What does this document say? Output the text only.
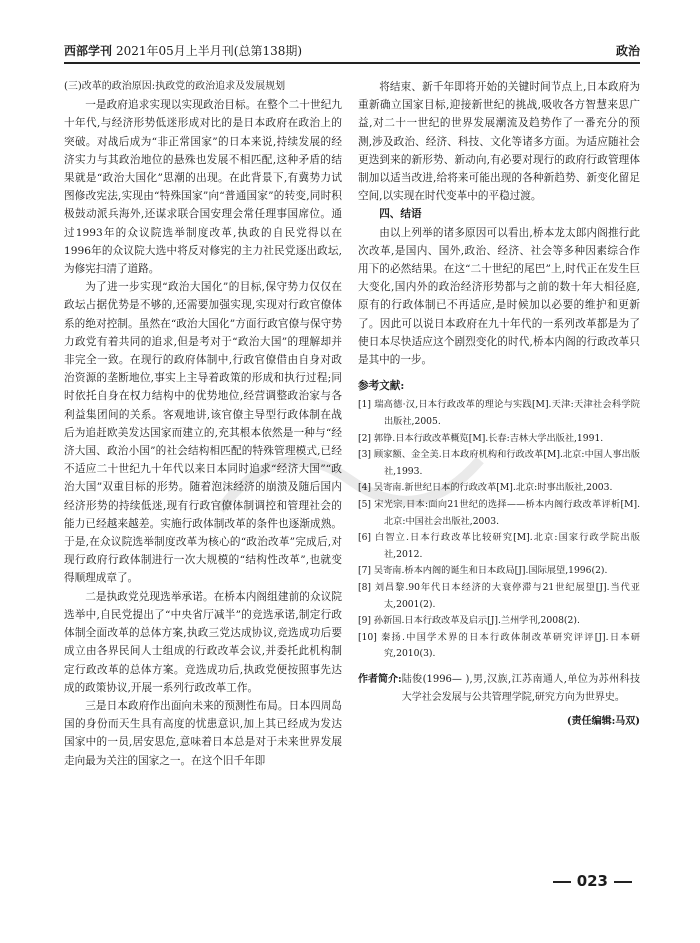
西部学刊 2021年05月上半月刊(总第138期)	政治

(三)改革的政治原因:执政党的政治追求及发展规划

一是政府追求实现以实现政治目标。在整个二十世纪九十年代,与经济形势低迷形成对比的是日本政府在政治上的突破。对战后成为“非正常国家”的日本来说,持续发展的经济实力与其政治地位的悬殊也发展不相匹配,这种矛盾的结果就是“政治大国化”思潮的出现。在此背景下,有冀势力试图修改宪法,实现由“特殊国家”向“普通国家”的转变,同时积极鼓动派兵海外,还谋求联合国安理会常任理事国席位。通过1993年的众议院选举制度改革,执政的自民党得以在1996年的众议院大选中将反对修宪的主力社民党逐出政坛,为修宪扫清了道路。

为了进一步实现“政治大国化”的目标,保守势力仅仅在政坛占据优势是不够的,还需要加强实现,实现对行政官僚体系的绝对控制。虽然在“政治大国化”方面行政官僚与保守势力政党有着共同的追求,但是考对于“政治大国”的理解却并非完全一致。在现行的政府体制中,行政官僚借由自身对政治资源的垄断地位,事实上主导着政策的形成和执行过程;同时依托自身在权力结构中的优势地位,经营调整政治家与各利益集团间的关系。客观地讲,该官僚主导型行政体制在战后为追赶欧美发达国家而建立的,充其根本依然是一种与“经济大国、政治小国”的社会结构相匹配的特殊管理模式,已经不适应二十世纪九十年代以来日本同时追求“经济大国”“政治大国”双重目标的形势。随着泡沫经济的崩溃及随后国内经济形势的持续低迷,现有行政官僚体制调控和管理社会的能力已经越来越差。实施行政体制改革的条件也逐渐成熟。于是,在众议院选举制度改革为核心的“政治改革”完成后,对现行政府行政体制进行一次大规模的“结构性改革”,也就变得顺理成章了。

二是执政党兑现选举承诺。在桥本内阁组建前的众议院选举中,自民党提出了“中央省厅减半”的竞选承诺,制定行政体制全面改革的总体方案,执政三党达成协议,竞选成功后要成立由各界民间人士组成的行政改革会议,并委托此机构制定行政改革的总体方案。竞选成功后,执政党便按照事先达成的政策协议,开展一系列行政改革工作。

三是日本政府作出面向未来的预测性布局。日本四周岛国的身份而天生具有高度的忧患意识,加上其已经成为发达国家中的一员,居安思危,意味着日本总是对于未来世界发展走向最为关注的国家之一。在这个旧千年即

将结束、新千年即将开始的关键时间节点上,日本政府为重新确立国家目标,迎接新世纪的挑战,吸收各方智慧来思广益,对二十一世纪的世界发展潮流及趋势作了一番充分的预测,涉及政治、经济、科技、文化等诸多方面。为适应随社会更迭到来的新形势、新动向,有必要对现行的政府行政管理体制加以适当改进,给将来可能出现的各种新趋势、新变化留足空间,以实现在时代变革中的平稳过渡。

四、结语

由以上列举的诸多原因可以看出,桥本龙太郎内阁推行此次改革,是国内、国外,政治、经济、社会等多种因素综合作用下的必然结果。在这“二十世纪的尾巴”上,时代正在发生巨大变化,国内外的政治经济形势都与之前的数十年大相径庭,原有的行政体制已不再适应,是时候加以必要的维护和更新了。因此可以说日本政府在九十年代的一系列改革都是为了使日本尽快适应这个剧烈变化的时代,桥本内阁的行政改革只是其中的一步。

参考文献:

[1] 瑞高德·汉,日本行政改革的理论与实践[M].天津:天津社会科学院出版社,2005.
[2] 郭铮.日本行政改革概览[M].长春:吉林大学出版社,1991.
[3] 顾家额、金全美.日本政府机构和行政改革[M].北京:中国人事出版社,1993.
[4] 吴寄南.新世纪日本的行政改革[M].北京:时事出版社,2003.
[5] 宋光宗,日本:面向21世纪的选择——桥本内阁行政改革评析[M].北京:中国社会出版社,2003.
[6] 白智立.日本行政改革比较研究[M].北京:国家行政学院出版社,2012.
[7] 吴寄南.桥本内阁的诞生和日本政局[J].国际展望,1996(2).
[8] 刘昌黎.90年代日本经济的大衰停滞与21世纪展望[J].当代亚太,2001(2).
[9] 孙新国.日本行政改革及启示[J].兰州学刊,2008(2).
[10] 秦扬.中国学术界的日本行政体制改革研究评评[J].日本研究,2010(3).
作者简介: 陆俊(1996— ),男,汉族,江苏南通人,单位为苏州科技大学社会发展与公共管理学院,研究方向为世界史。
(责任编辑:马双)
023
